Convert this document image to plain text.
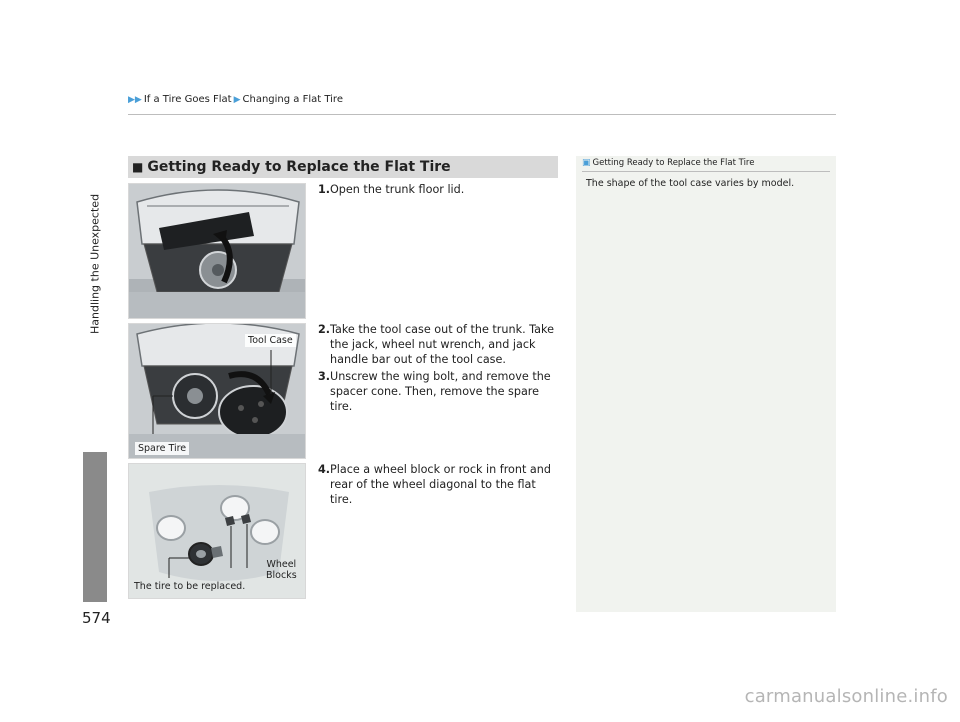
▶▶ If a Tire Goes Flat ▶ Changing a Flat Tire
Handling the Unexpected
574
■ Getting Ready to Replace the Flat Tire
Tool Case
Spare Tire
Wheel
Blocks
The tire to be replaced.
1. Open the trunk floor lid.
2. Take the tool case out of the trunk. Take the jack, wheel nut wrench, and jack handle bar out of the tool case.
3. Unscrew the wing bolt, and remove the spacer cone. Then, remove the spare tire.
4. Place a wheel block or rock in front and rear of the wheel diagonal to the flat tire.
▣ Getting Ready to Replace the Flat Tire
The shape of the tool case varies by model.
carmanualsonline.info
